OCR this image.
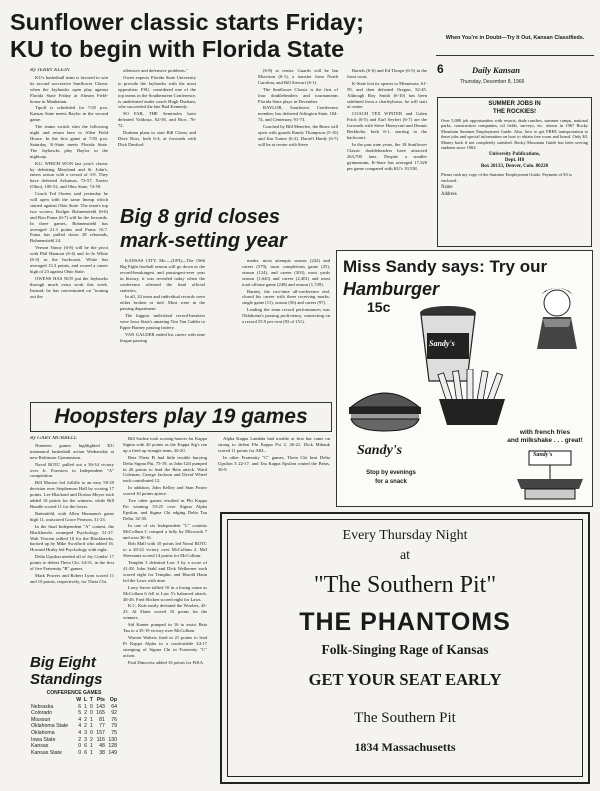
Sunflower classic starts Friday;
KU to begin with Florida State	When You're in Doubt—Try It Out, Kansan Classifieds.
6	Daily Kansan
Thursday, December 8, 1966

By JERRY KLEIN

KU's basketball team is favored to win its second successive Sunflower Classic when the Jayhawks open play against Florida State Friday at Ahearn Field-house in Manhattan.

Tipoff is scheduled for 7:05 p.m. Kansas State meets Baylor in the second game.

The teams switch sites the following night and return here to Allen Field House. In the first game at 7:05 p.m. Saturday, K-State meets Florida State. The Jayhawks play Baylor in the nightcap.

KU, WHICH WON last year's classic by defeating Maryland and St. John's, enters action with a record of 3-0. They have defeated Arkansas, 73-57, Xavier (Ohio), 100-52, and Ohio State, 74-59.

Coach Ted Owens said yesterday he will open with the same lineup which started against Ohio State. The team's top two scorers, Rodger Bohnenstiehl (6-6) and Ron Franz (6-7) will be the forwards. In three games, Bohnenstiehl has averaged 21.3 points and Franz 16.7. Franz has pulled down 28 rebounds, Bohnenstiehl 24.

Vernon Vanoy (6-8) will be the pivot with Phil Harmon (6-4) and Jo-Jo White (6-3) in the backcourt. White has averaged 13.3 points, and scored a career high of 23 against Ohio State.

OWENS HAS NOT put the Jayhawks through much extra work this week. Instead, he has concentrated on "ironing out the

offensive and defensive problems."

Owen expects Florida State University to provide the Jayhawks with the most opposition. FSU, considered one of the top teams in the Southeastern Conference, is undefeated under coach Hugh Durham, who succeeded the late Bud Kennedy.

SO FAR, THE Seminoles have defeated Valdosta, 62-58, and Rice, 76-72.

Durham plans to start Bill Cleary and Dave Ross, both 6-4, at forwards with Dick Danford

(6-8) at center. Guards will be Ian Morrison (6-1), a transfer from North Carolina, and Bill Stewart (6-1).

The Sunflower Classic is the first of four doubleheaders and tournaments Florida State plays in December.

BAYLOR, Southwest Conference member, has defeated Arlington State, 104-74, and Centenary, 91-73.

Coached by Bill Menefee, the Bears will open with guards Randy Thompson (5-10) and Jim Turner (6-2). Darrell Hardy (6-7) will be at center with Steve

Bartels (6-6) and Ed Thorpe (6-5) in the front court.

K-State lost its opener to Minnesota, 61-59, and then defeated Oregon, 52-45. Although Roy Smith (6-10) has been sidelined from a charleyhorse, he will start at center.

COACH TEX WINTER and Galen Frick (6-5) and Earl Seyfert (6-7) are the forwards with Steve Honeycutt and Dennis Berkholtz, both 6-1, starting in the backcourt.

In the past nine years, the 18 Sunflower Classic doubleheaders have attracted 263,700 fans. Despite a smaller gymnasium, K-State has averaged 17,328 per game compared with KU's 19,538.

SUMMER JOBS IN
THE ROCKIES!
Over 5,000 job opportunities with resorts, dude ranches, summer camps, national parks, construction companies, oil fields, surveys, etc. shown in 1967 Rocky Mountain Summer Employment Guide. Also, how to get FREE transportation to these jobs and special information on how to obtain free room and board. Only $3. Money back if not completely satisfied. Rocky Mountain Guide has been serving students since 1963.
University Publications,
Dept. H8
Box 20133, Denver, Colo. 80220
Please rush my copy of the Summer Employment Guide. Payment of $3 is enclosed.
Name
Address
Big 8 grid closes
mark-setting year

KANSAS CITY, Mo.—(UPI)—The 1966 Big Eight football season will go down as the record-breakingest and passingest-ever year in history, it was revealed today when the conference released the final official statistics.

In all, 24 team and individual records were either broken or tied. Most were in the passing department.

The biggest individual record-breakers were Iowa State's amazing Tim Van Galder to Eppie Barney passing battery.

VAN GALDER ended his career with nine league passing

marks, most attempts season (242) and career (579), most completions game (25), season (124), and career (303), most yards season (1,645) and career (2,401) and most total offense game (248) and season (1,749).

Barney, the two-time all-conference end, closed his career with three receiving marks: single game (11), season (56) and career (97).

Leading the team record performances was Oklahoma's passing proficiency, connecting on a record 55.9 per cent (83 of 151).

Miss Sandy says: Try our
Hamburger
15c
Sandy's
with french fries
and milkshake . . . great!
Sandy's
Stop by evenings
for a snack
Sandy's
Hoopsters play 19 games

By GARY MURRELL

Nineteen games highlighted KU intramural basketball action Wednesday at new Robinson Gymnasium.

Naval ROTC pulled out a 36-34 victory over Jr. Foresters in Independent "A" competition.

Bill Morton led Jolliffe to an easy 58-29 decision over Stephenson Hall by scoring 17 points. Lee Blackard and Dorian Meyer each added 10 points for the winners, while Bill Bundle scored 11 for the losers.

Battenfeld, with Allen Hermann's game high 11, outscored Grace Pearson, 31-23.

In the final Independent "A" contest, the Blackhawks swamped Psychology, 51-27. Walt Vincent tallied 10 for the Blackhawks, backed up by Mike Swofford who added 16. Howard Hruby led Psychology with eight.

Delta Upsilon needed all of Jay Combs' 17 points to defeat Theta Chi, 34-31, in the first of five Fraternity "B" games.

Mark Powers and Robert Lynn scored 11 and 10 points, respectively, for Theta Chi.

Bill Sachse took scoring honors for Kappa Sigma with 20 points as the Kappa Sig's ran up a fired up triangle team, 36-20.

Beta Theta Pi had little trouble burying Delta Sigma Phi, 75-19, as John Gill pumped in 26 points to lead the Beta attack. Ward Coleman, George Jackson and David Wheel each contributed 12.

In addition, John Kelley and Stan Foster scored 10 points apiece.

Two other games resulted in Phi Kappa Psi winning 53-25 over Sigma Alpha Epsilon, and Sigma Chi edging Delta Tau Delta, 32-30.

In one of six Independent "C" contests McCollum C romped a fully by Ellsworth 7 and won 36-16.

Bob Mall with 10 points led Naval ROTC to a 28-22 victory over McCollum 2. Mel Sheesantz scored 14 points for McCollum.

Templin 3 defeated Law 3 by a score of 41-28. John Stahl and Dick Welkerner each scored eight for Templin, and Harold Haun led the Laws with nine.

Larry Savee tallied 10 in a losing cause as McCollum 6 fell to Law 5's balanced attack, 48-26. Fred Slicken scored eight for Laws.

K.C. Kids easily defeated the Woolies, 45-23. Al Slater scored 10 points for the winners.

Sid Kanter pumped in 16 to assist Beta Tau to a 35-19 victory over McCollum.

Warren Walters fired in 21 points to lead Pi Kappa Alpha in a comfortable 44-17 stomping of Sigma Chi in Fraternity "C" action.

Paul Dimovitz added 16 points for PiKA

Alpha Kappa Lambda had trouble at first but came on strong to defeat Phi Kappa Psi 2, 26-21. Dick Miknuk scored 11 points for AKL.

In other Fraternity "C" games, Theta Chi beat Delta Upsilon 3 22-17, and Tau Kappa Epsilon routed the Betas, 30-9.

Big Eight
Standings
CONFERENCE GAMES
	W	L	T	Pts	Op
Nebraska	6	1	0	143	64
Colorado	5	2	0	165	92
Missouri	4	2	1	81	76
Oklahoma State	4	2	1	77	79
Oklahoma	4	3	0	157	75
Iowa State	2	3	2	116	130
Kansas	0	6	1	48	128
Kansas State	0	6	1	38	149
Every Thursday Night
at
"The Southern Pit"
THE PHANTOMS
Folk-Singing Rage of Kansas
GET YOUR SEAT EARLY
The Southern Pit
1834 Massachusetts
